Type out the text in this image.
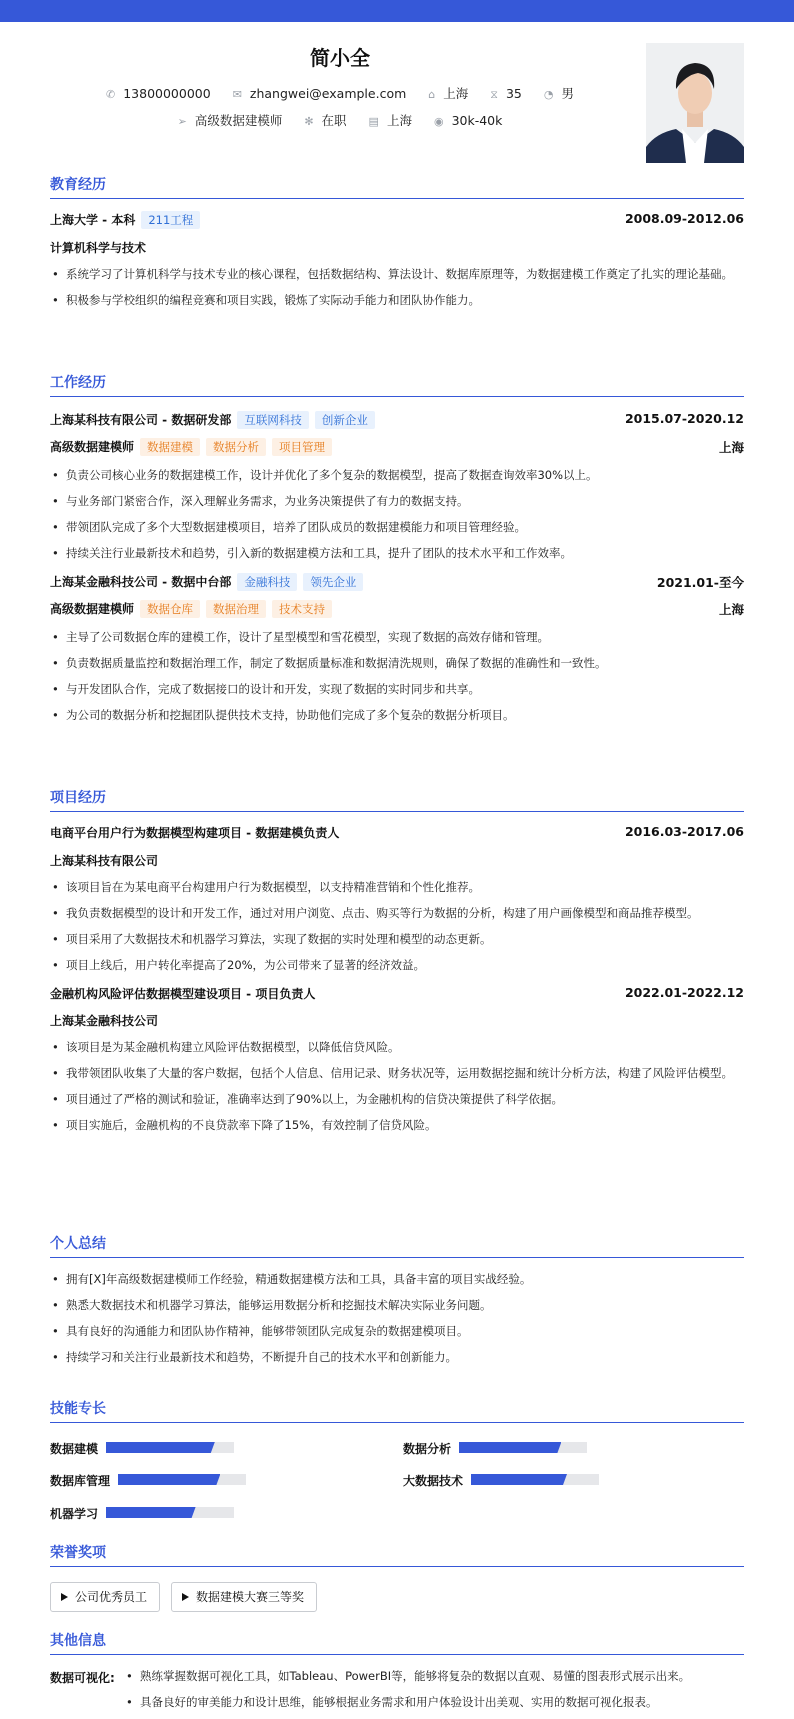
简小全
✆ 13800000000 ✉ zhangwei@example.com ⌂ 上海 ⧖ 35 ◔ 男
➢ 高级数据建模师 ✻ 在职 ▤ 上海 ◉ 30k-40k
教育经历
上海大学 - 本科 211工程	2008.09-2012.06
计算机科学与技术
• 系统学习了计算机科学与技术专业的核心课程，包括数据结构、算法设计、数据库原理等，为数据建模工作奠定了扎实的理论基础。
• 积极参与学校组织的编程竞赛和项目实践，锻炼了实际动手能力和团队协作能力。
工作经历
上海某科技有限公司 - 数据研发部 互联网科技 创新企业	2015.07-2020.12
高级数据建模师 数据建模 数据分析 项目管理	上海
• 负责公司核心业务的数据建模工作，设计并优化了多个复杂的数据模型，提高了数据查询效率30%以上。
• 与业务部门紧密合作，深入理解业务需求，为业务决策提供了有力的数据支持。
• 带领团队完成了多个大型数据建模项目，培养了团队成员的数据建模能力和项目管理经验。
• 持续关注行业最新技术和趋势，引入新的数据建模方法和工具，提升了团队的技术水平和工作效率。
上海某金融科技公司 - 数据中台部 金融科技 领先企业	2021.01-至今
高级数据建模师 数据仓库 数据治理 技术支持	上海
• 主导了公司数据仓库的建模工作，设计了星型模型和雪花模型，实现了数据的高效存储和管理。
• 负责数据质量监控和数据治理工作，制定了数据质量标准和数据清洗规则，确保了数据的准确性和一致性。
• 与开发团队合作，完成了数据接口的设计和开发，实现了数据的实时同步和共享。
• 为公司的数据分析和挖掘团队提供技术支持，协助他们完成了多个复杂的数据分析项目。
项目经历
电商平台用户行为数据模型构建项目 - 数据建模负责人	2016.03-2017.06
上海某科技有限公司
• 该项目旨在为某电商平台构建用户行为数据模型，以支持精准营销和个性化推荐。
• 我负责数据模型的设计和开发工作，通过对用户浏览、点击、购买等行为数据的分析，构建了用户画像模型和商品推荐模型。
• 项目采用了大数据技术和机器学习算法，实现了数据的实时处理和模型的动态更新。
• 项目上线后，用户转化率提高了20%，为公司带来了显著的经济效益。
金融机构风险评估数据模型建设项目 - 项目负责人	2022.01-2022.12
上海某金融科技公司
• 该项目是为某金融机构建立风险评估数据模型，以降低信贷风险。
• 我带领团队收集了大量的客户数据，包括个人信息、信用记录、财务状况等，运用数据挖掘和统计分析方法，构建了风险评估模型。
• 项目通过了严格的测试和验证，准确率达到了90%以上，为金融机构的信贷决策提供了科学依据。
• 项目实施后，金融机构的不良贷款率下降了15%，有效控制了信贷风险。
个人总结
• 拥有[X]年高级数据建模师工作经验，精通数据建模方法和工具，具备丰富的项目实战经验。
• 熟悉大数据技术和机器学习算法，能够运用数据分析和挖掘技术解决实际业务问题。
• 具有良好的沟通能力和团队协作精神，能够带领团队完成复杂的数据建模项目。
• 持续学习和关注行业最新技术和趋势，不断提升自己的技术水平和创新能力。
技能专长
数据建模	数据分析
数据库管理	大数据技术
机器学习
荣誉奖项
公司优秀员工	数据建模大赛三等奖
其他信息
数据可视化:
•	熟练掌握数据可视化工具，如Tableau、PowerBI等，能够将复杂的数据以直观、易懂的图表形式展示出来。
• 具备良好的审美能力和设计思维，能够根据业务需求和用户体验设计出美观、实用的数据可视化报表。
